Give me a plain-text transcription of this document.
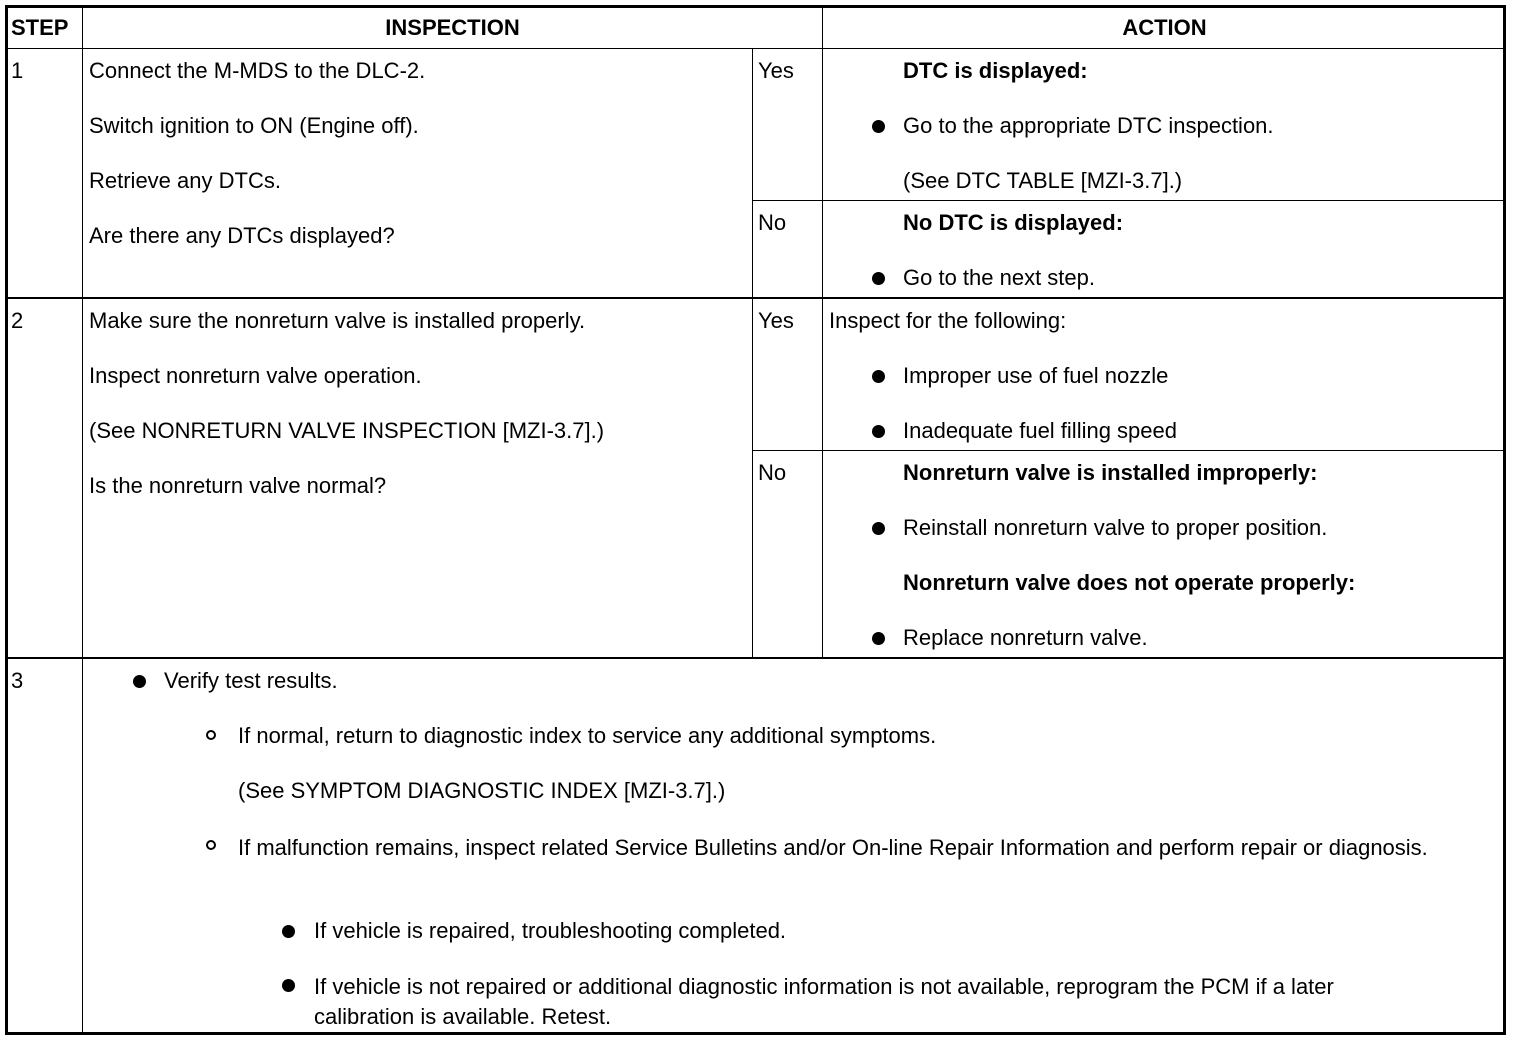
STEP	INSPECTION	ACTION
1	Connect the M-MDS to the DLC-2.
Switch ignition to ON (Engine off).
Retrieve any DTCs.
Are there any DTCs displayed?
Yes	DTC is displayed:
Go to the appropriate DTC inspection.
(See DTC TABLE [MZI-3.7].)
No	No DTC is displayed:
Go to the next step.
2	Make sure the nonreturn valve is installed properly.
Inspect nonreturn valve operation.
(See NONRETURN VALVE INSPECTION [MZI-3.7].)
Is the nonreturn valve normal?
Yes Inspect for the following:
Improper use of fuel nozzle
Inadequate fuel filling speed
No	Nonreturn valve is installed improperly:
Reinstall nonreturn valve to proper position.
Nonreturn valve does not operate properly:
Replace nonreturn valve.
3	Verify test results.
If normal, return to diagnostic index to service any additional symptoms.
(See SYMPTOM DIAGNOSTIC INDEX [MZI-3.7].)
If malfunction remains, inspect related Service Bulletins and/or On-line Repair Information and perform repair or diagnosis.
If vehicle is repaired, troubleshooting completed.
If vehicle is not repaired or additional diagnostic information is not available, reprogram the PCM if a later calibration is available. Retest.
